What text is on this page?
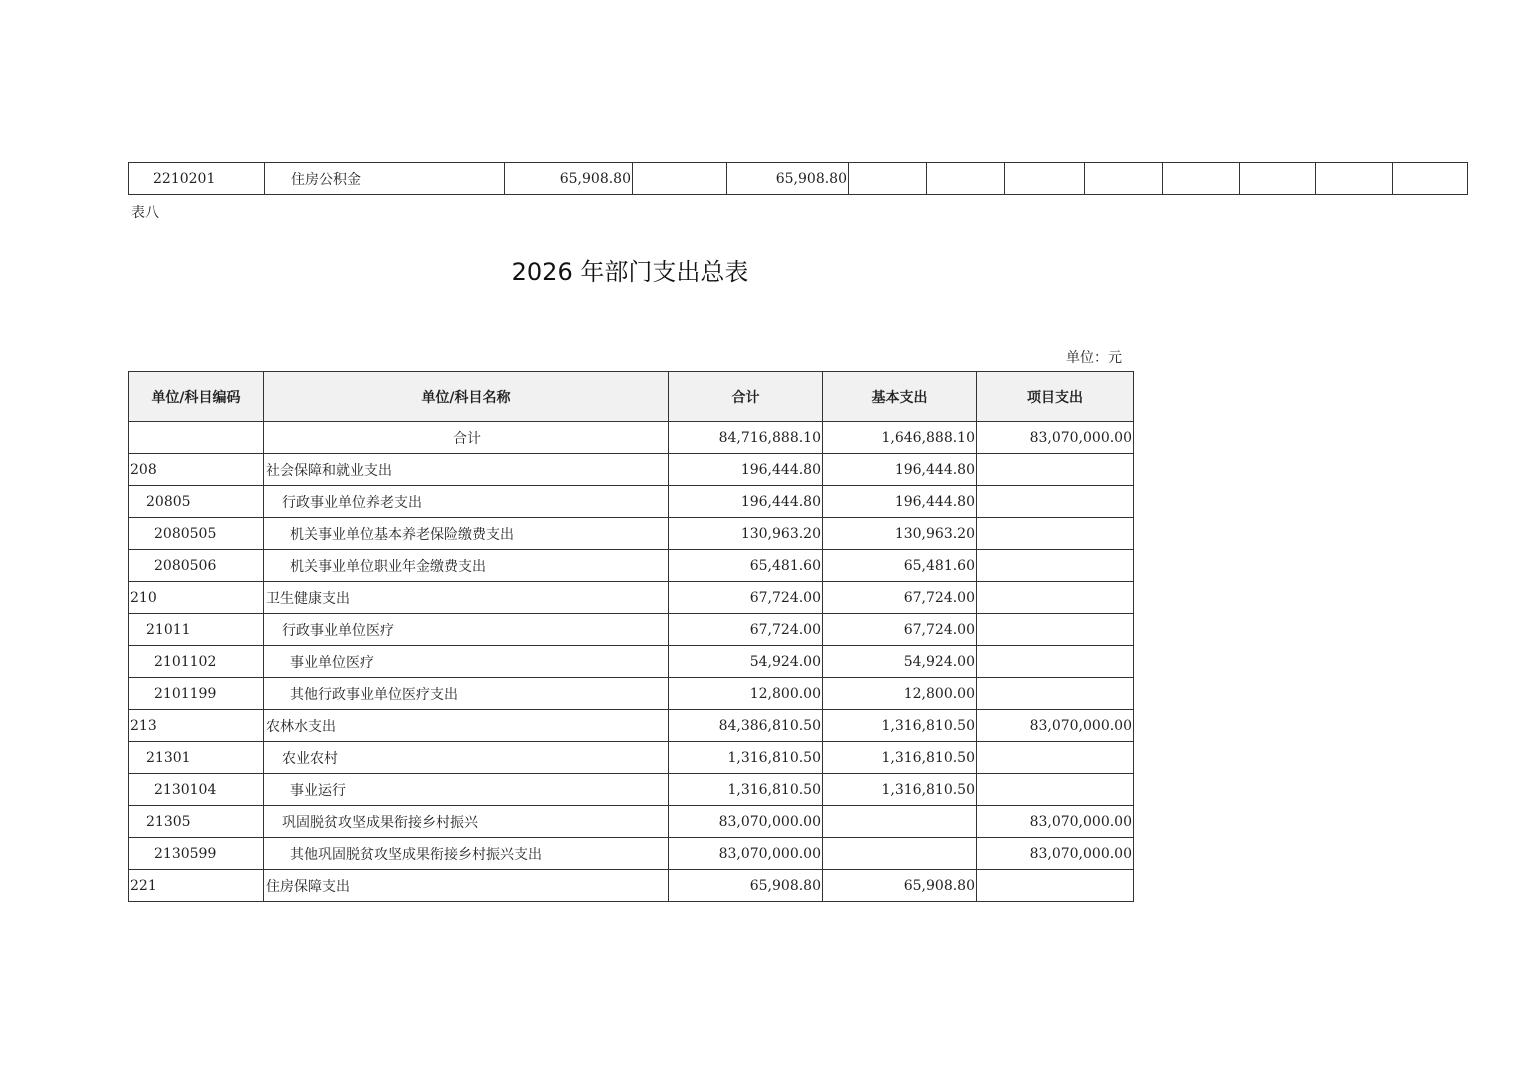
2210201	住房公积金	65,908.80		65,908.80								
表八
2026 年部门支出总表
单位：元
单位/科目编码	单位/科目名称	合计	基本支出	项目支出
	合计	84,716,888.10	1,646,888.10	83,070,000.00
208	社会保障和就业支出	196,444.80	196,444.80	
20805	行政事业单位养老支出	196,444.80	196,444.80	
2080505	机关事业单位基本养老保险缴费支出	130,963.20	130,963.20	
2080506	机关事业单位职业年金缴费支出	65,481.60	65,481.60	
210	卫生健康支出	67,724.00	67,724.00	
21011	行政事业单位医疗	67,724.00	67,724.00	
2101102	事业单位医疗	54,924.00	54,924.00	
2101199	其他行政事业单位医疗支出	12,800.00	12,800.00	
213	农林水支出	84,386,810.50	1,316,810.50	83,070,000.00
21301	农业农村	1,316,810.50	1,316,810.50	
2130104	事业运行	1,316,810.50	1,316,810.50	
21305	巩固脱贫攻坚成果衔接乡村振兴	83,070,000.00		83,070,000.00
2130599	其他巩固脱贫攻坚成果衔接乡村振兴支出	83,070,000.00		83,070,000.00
221	住房保障支出	65,908.80	65,908.80	
